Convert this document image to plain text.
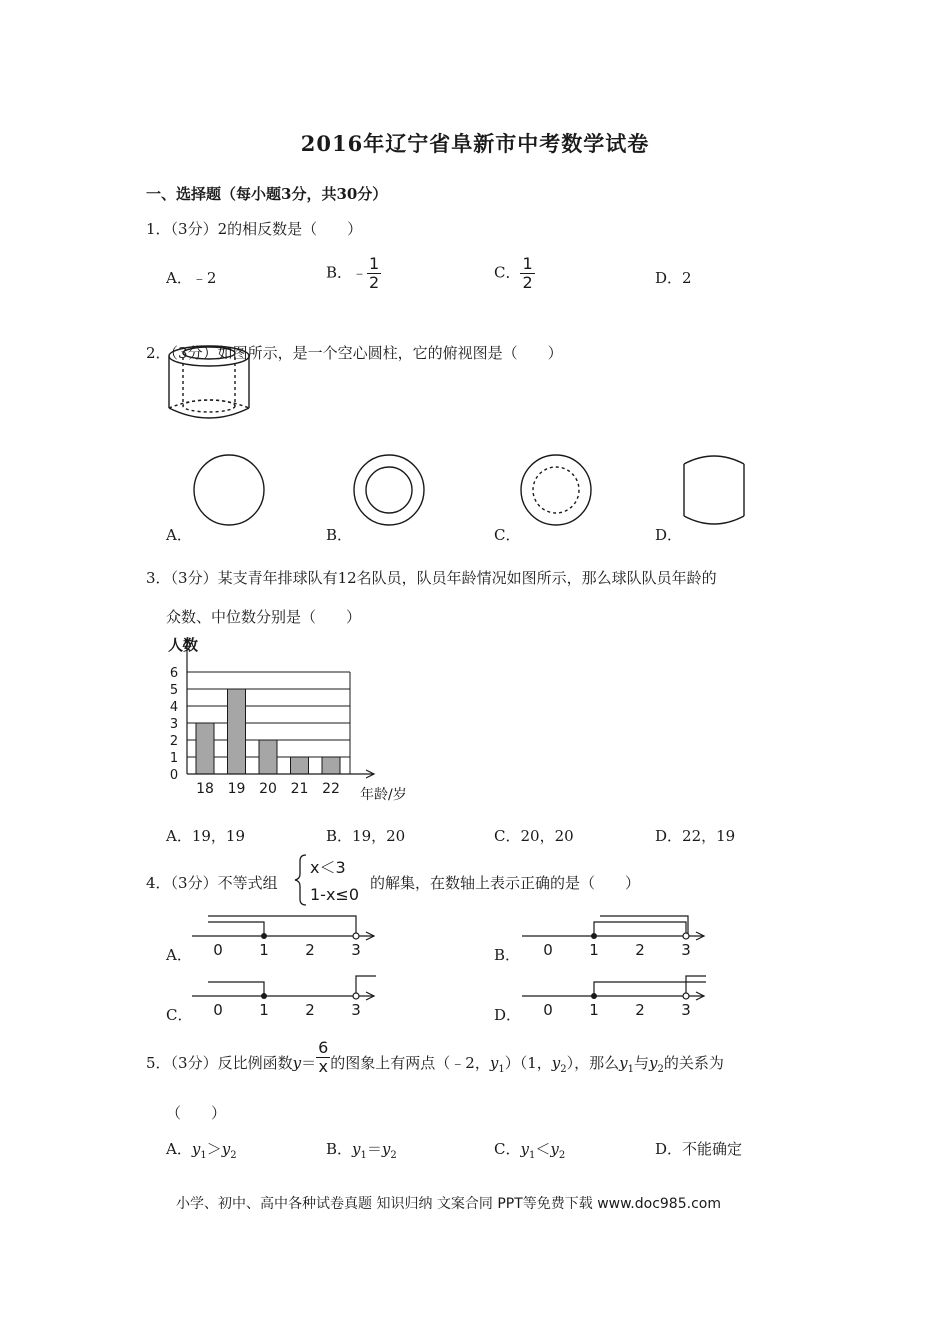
2016年辽宁省阜新市中考数学试卷
一、选择题（每小题3分，共30分）
1．（3分）2的相反数是（　　）
A．﹣2	B．﹣ $\frac{1}{2}$	C． $\frac{1}{2}$	D．2
2．（3分）如图所示，是一个空心圆柱，它的俯视图是（　　）
A．	B．	C．	D．
3．（3分）某支青年排球队有12名队员，队员年龄情况如图所示，那么球队队员年龄的
众数、中位数分别是（　　）
0
1
2
3
4
5
6
18 19 20 21 22
人数
年龄/岁
A．19，19	B．19，20	C．20，20	D．22，19
4．（3分）不等式组
x＜3
1-x≤0
的解集，在数轴上表示正确的是（　　）
0 1 2 3	0 1 2 3
0 1 2 3	0 1 2 3
A．	B．
C．	D．
5．（3分）反比例函数$y= \frac{6}{x}$ 的图象上有两点（﹣2，$y_1)(1$，$y_2$），那么$y_1$与$y_2$的关系为
（　　）
A．$y_1>y_2$	B．$y_1=y_2$	C．$y_1<y_2$	D．不能确定
小学、初中、高中各种试卷真题 知识归纳 文案合同 PPT等免费下载 www.doc985.com
